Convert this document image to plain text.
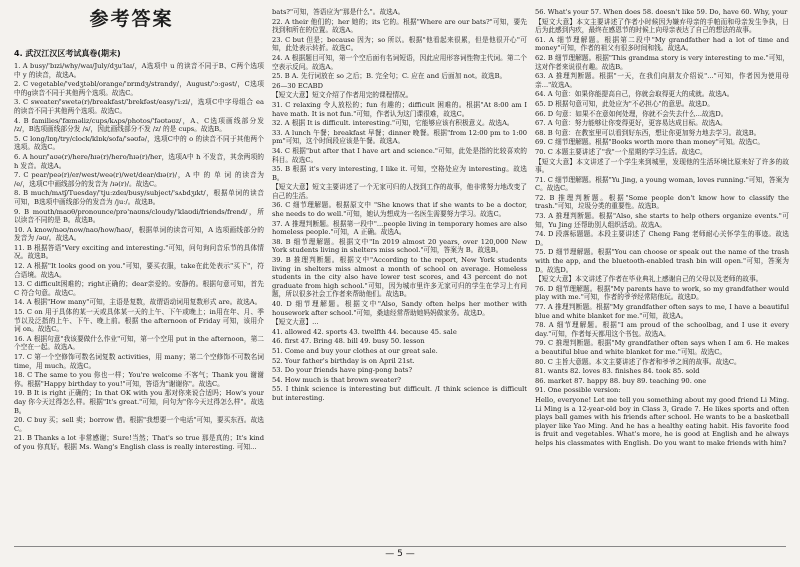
参考答案
4. 武汉江汉区考试真卷(期末)
1. A busy/'bɪzi/why/waɪ/July/dʒu'laɪ/，A选项中 u 的读音不同于B、C两个选项中 y 的读音，故选A。
2. C vegetable/'vedʒtəbl/orange/'ɒrɪndʒ/strandy/，August/'ɔːgəst/，C选项中的g读音不同于其他两个选项。故选C。
3. C sweater/'swetə(r)/breakfast/'brekfəst/easy/'iːzi/，选项C中字母组合 ea 的读音不同于其他两个选项。故选C。
4. B families/'fæməliz/cups/kʌps/photos/'fəʊtəʊz/，A、C选项画线部分发 /z/，B选项画线部分发 /s/，因此画线部分不发 /z/ 的是 cups。故选B。
5. C long/lɒŋ/try/clock/klɒk/sofa/'səʊfə/，选项C中的 o 的读音不同于其他两个选项。故选C。
6. A hour/'aʊə(r)/here/hɪə(r)/hero/hɪə(r)/her，选项A中 h 不发音，其余两项的 h 发音。故选A。
7. C pear/peə(r)/er/west/weə(r)/wet/dear/dɪə(r)/，A 中 的 单 词 的读音为 /e/，选项C中画线部分的发音为 /ɪə(r)/。故选C。
8. B much/mʌtʃ/Tuesday/'tjuːzdeɪ/busy/subject/'sʌbdʒɪkt/，根据单词的读音可知，B选项中画线部分的发音为 /juː/。故选B。
9. B mouth/maʊθ/pronounce/prə'naʊns/cloudy/'klaʊdi/friends/frend/，所以读音不同的是 B。故选B。
10. A know/nəʊ/now/naʊ/how/haʊ/，根据单词的读音可知，A 选项画线部分的发音为 /əʊ/。故选A。
11. B 根据答语"Very exciting and interesting."可知，问句询问音乐节的具体情况。故选B。
12. A 根据"It looks good on you."可知，要买衣服，take在此处表示"买下"，符合语境。故选A。
13. C difficult困难的；right正确的；dear亲爱的。安静的。根据句意可知，首先 C 符合句意。故选C。
14. A 根据"How many"可知，主语是复数，故谓语动词用复数形式 are。故选A。
15. C on 用于具体的某一天或具体某一天的上午、下午或晚上；in用在年、月、季节以及泛指的上午、下午、晚上前。根据 the afternoon of Friday 可知，该用介词 on。故选C。
16. A 根据句意"我该要做什么作业"可知，第一个空用 put in the afternoon，第二个空在一起。故选A。
17. C 第一个空修饰可数名词复数 activities，用 many；第二个空修饰不可数名词 time，用 much。故选C。
18. C The same to you 你也一样；You're welcome 不客气；Thank you 谢谢你。根据"Happy birthday to you!"可知，答语为"谢谢你"。故选C。
19. B It is right 正确的；In that OK with you 那对你来说合适吗；How's your day 你今天过得怎么样。根据"It's great."可知，问句为"你今天过得怎么样"。故选B。
20. C buy 买；sell 卖；borrow 借。根据"我想要一个电话"可知，要买东西。故选C。
21. B Thanks a lot 非常感谢；Sure!当然；That's so true 那是真的；It's kind of you 你真好。根据 Ms. Wang's English class is really interesting. 可知...
bats?"可知，答语应为"那是什么"。故选A。
22. A their 他们的；her 她的；its 它的。根据"Where are our bats?"可知，要先找到和所在的位置。故选A。
23. C but 但是；because 因为；so 所以。根据"他看起来很累，但是他很开心"可知，此处表示转折。故选C。
24. A 根据题目可知，第一个空后面有名词短语，因此应用形容词性物主代词。第二个空表示反问。故选A。
25. B A. 先行词放在 so 之后；B. 完全句；C. 应在 and 后面加 not。故选B。
26—30 ECABD
【短文大意】短文介绍了作者用完的课程情况。
31. C relaxing 令人放松的；fun 有趣的；difficult 困难的。根据"At 8:00 am I have math. It is not fun."可知，作者认为这门课很难，故选C。
32. A 根据 It is difficult. interesting."可知，它能够应该有积极意义。故选A。
33. A lunch 午餐；breakfast 早餐；dinner 晚餐。根据"from 12:00 pm to 1:00 pm"可知，这个时间段应该是午餐。故选A。
34. C 根据"but after that I have art and science."可知，此处是指的比较喜欢的科目。故选C。
35. B 根据 it's very interesting, I like it. 可知，空格处应为 interesting。故选B。
【短文大意】短文主要讲述了一个无家可归的人找到工作的故事，他非常努力地改变了自己的生活。
36. C 细节理解题。根据原文中 "She knows that if she wants to be a doctor, she needs to do well."可知，她认为想成为一名医生需要努力学习。故选C。
37. A 推理判断题。根据第一段中"...people living in temporary homes are also homeless people."可知，A 正确。故选A。
38. B 细节理解题。根据文中"In 2019 almost 20 years, over 120,000 New York students living in shelters miss school."可知，答案为 B。故选B。
39. B 推理判断题。根据文中"According to the report, New York students living in shelters miss almost a month of school on average. Homeless students in the city also have lower test scores, and 43 percent do not graduate from high school."可知，因为城市里许多无家可归的学生在学习上有问题，所以很多社会工作者来帮助他们。故选B。
40. D 细节理解题。根据文中"Also, Sandy often helps her mother with housework after school."可知，桑迪经常帮助她妈妈做家务。故选D。
【短文大意】...
41. allowed 42. sports 43. twelfth 44. because 45. sale
46. first 47. Bring 48. bill 49. busy 50. lesson
51. Come and buy your clothes at our great sale.
52. Your father's birthday is on April 21st.
53. Do your friends have ping-pong bats?
54. How much is that brown sweater?
55. I think science is interesting but difficult. /I think science is difficult but interesting.
56. What's your 57. When does 58. doesn't like 59. Do, have 60. Why, your
【短文大意】本文主要讲述了作者小时候因为嫌弃母亲的手帕而和母亲发生争执，日后为此感到内疚，最终在感恩节的时候上向母亲表达了自己的想法的故事。
61. A 细节理解题。根据第二段中"My grandfather had a lot of time and money"可知，作者的祖父有很多时间和钱。故选A。
62. B 细节理解题。根据"This grandma story is very interesting to me."可知，这对作者来说很有趣。故选B。
63. A 推理判断题。根据"一天，在我们向朋友介绍说"..."可知，作者因为使用母亲..."故选A。
64. A 句意：如果你能提高自己，你就会取得更大的成就。故选A。
65. D 根据句意可知，此处应为"不必担心"的意思。故选D。
66. D 句意：如果不在意如何处理，你就不会失去什么...故选D。
67. A 句意：努力能够让你变得更好，更容易达成目标。故选A。
68. B 句意：在教室里可以看到好东西，想让你更加努力地去学习。故选B。
69. C 细节理解题。根据"Books worth more than money"可知。故选C。
70. C 本题主要讲述了"我"一个星期的学习生活。故选C。
【短文大意】本文讲述了一个学生来到城里，发现他的生活环境比原来好了许多的故事。
71. C 细节理解题。根据"Yu Jing, a young woman, loves running."可知，答案为 C。故选C。
72. B 推理判断题。根据"Some people don't know how to classify the trash."可知，垃圾分类的重要性。故选B。
73. A 推理判断题。根据"Also, she starts to help others organize events."可知，Yu Jing 还帮助别人组织活动。故选A。
74. D 段落标题题。本段主要讲述了 Cheng Fang 老师耐心关怀学生的事迹。故选D。
75. D 细节理解题。根据"You can choose or speak out the name of the trash with the app, and the bluetooth-enabled trash bin will open."可知，答案为 D。故选D。
【短文大意】本文讲述了作者在毕业典礼上感谢自己的父母以及老师的故事。
76. D 细节理解题。根据"My parents have to work, so my grandfather would play with me."可知，作者的爷爷经常陪他玩。故选D。
77. A 推理判断题。根据"My grandfather often says to me, I have a beautiful blue and white blanket for me."可知，故选A。
78. A 细节理解题。根据"I am proud of the schoolbag, and I use it every day."可知，作者每天都用这个书包。故选A。
79. C 推理判断题。根据"My grandfather often says when I am 6. He makes a beautiful blue and white blanket for me."可知。故选C。
80. C 主旨大意题。本文主要讲述了作者和爷爷之间的故事。故选C。
81. wants 82. loves 83. finishes 84. took 85. sold
86. market 87. happy 88. buy 89. teaching 90. one
91. One possible version:
Hello, everyone! Let me tell you something about my good friend Li Ming. Li Ming is a 12-year-old boy in Class 3, Grade 7. He likes sports and often plays ball games with his friends after school. He wants to be a basketball player like Yao Ming. And he has a healthy eating habit. His favorite food is fruit and vegetables. What's more, he is good at English and he always helps his classmates with English. Do you want to make friends with him?
— 5 —
